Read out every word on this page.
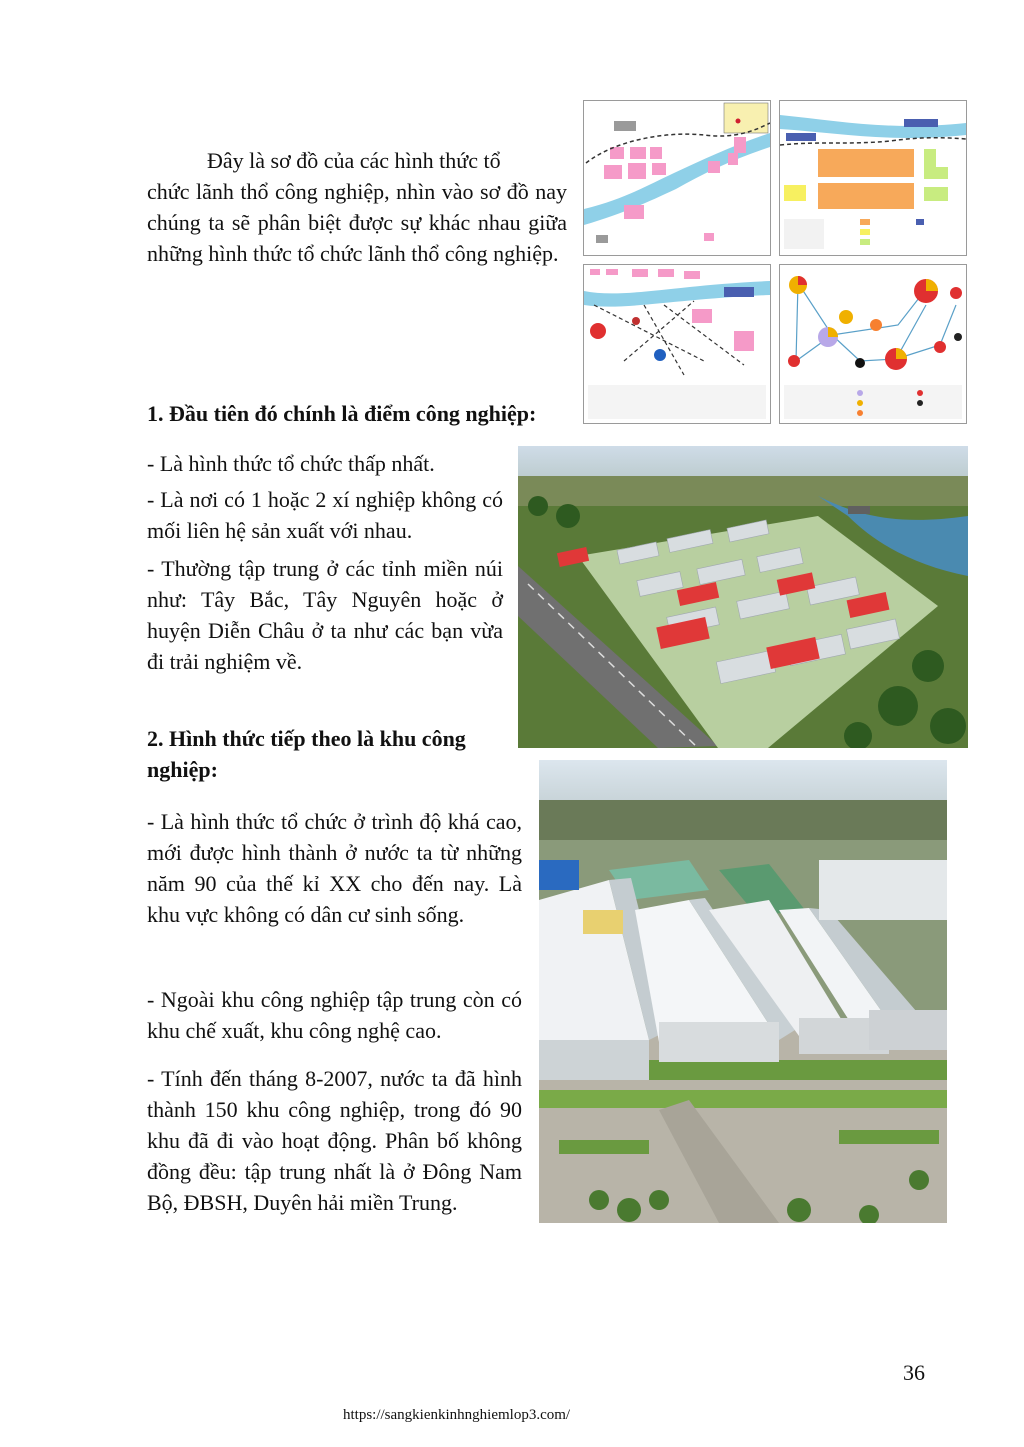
Đây là sơ đồ của các hình thức tổ
chức lãnh thổ công nghiệp, nhìn vào sơ đồ nay chúng ta sẽ phân biệt được sự khác nhau giữa những hình thức tổ chức lãnh thổ công nghiệp.
1. Đầu tiên đó chính là điểm công nghiệp:
- Là hình thức tổ chức thấp nhất.
- Là nơi có 1 hoặc 2 xí nghiệp không có mối liên hệ sản xuất với nhau.
- Thường tập trung ở các tỉnh miền núi như: Tây Bắc, Tây Nguyên hoặc ở huyện Diễn Châu ở ta như các bạn vừa đi trải nghiệm về.
2. Hình thức tiếp theo là khu công nghiệp:
- Là hình thức tổ chức ở trình độ khá cao, mới được hình thành ở nước ta từ những năm 90 của thế kỉ XX cho đến nay. Là khu vực không có dân cư sinh sống.
- Ngoài khu công nghiệp tập trung còn có khu chế xuất, khu công nghệ cao.
- Tính đến tháng 8-2007, nước ta đã hình thành 150 khu công nghiệp, trong đó 90 khu đã đi vào hoạt động. Phân bố không đồng đều: tập trung nhất là ở Đông Nam Bộ, ĐBSH, Duyên hải miền Trung.
36
https://sangkienkinhnghiemlop3.com/
